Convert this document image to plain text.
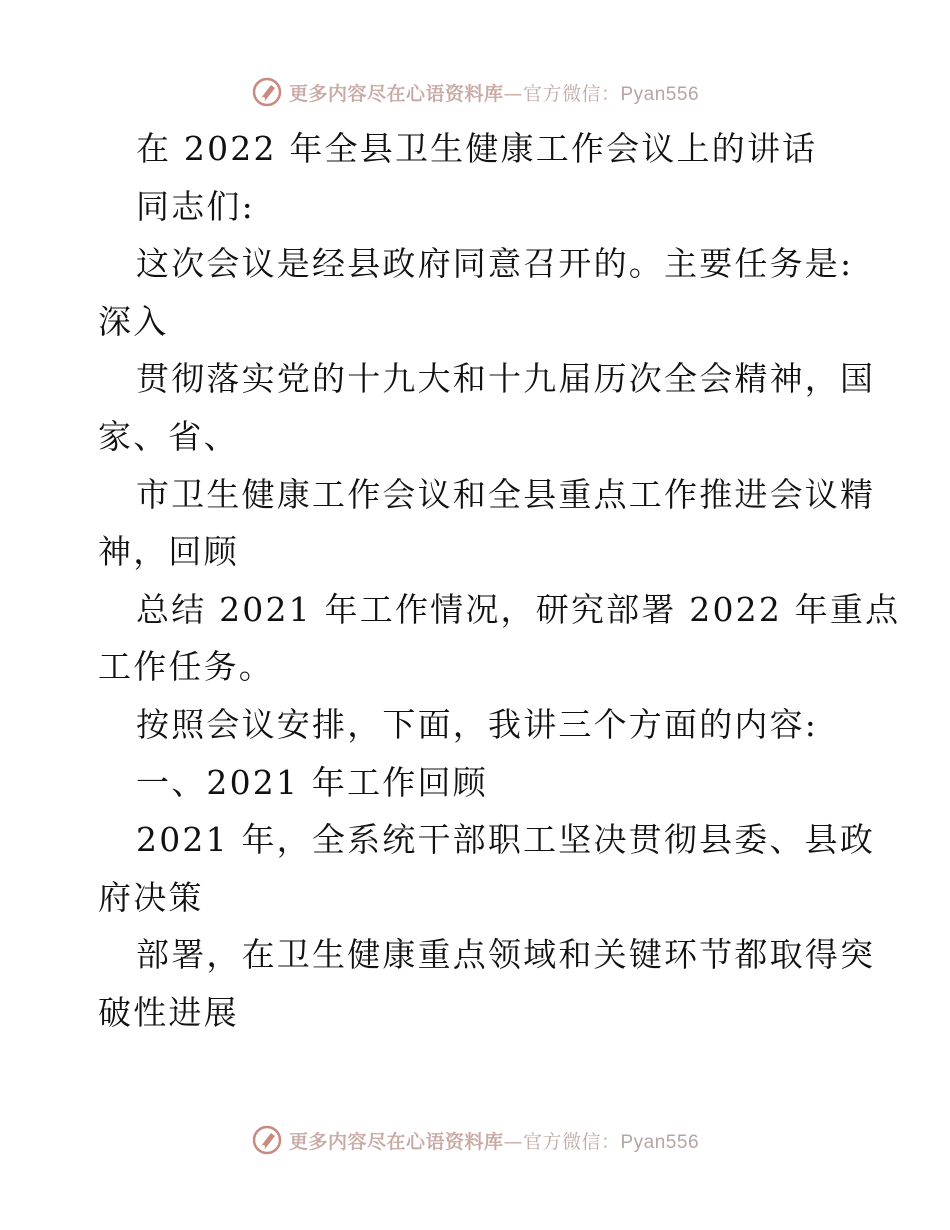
更多内容尽在心语资料库—官方微信：Pyan556
在 2022 年全县卫生健康工作会议上的讲话
同志们:
这次会议是经县政府同意召开的。主要任务是:
深入
贯彻落实党的十九大和十九届历次全会精神，国
家、省、
市卫生健康工作会议和全县重点工作推进会议精
神，回顾
总结 2021 年工作情况，研究部署 2022 年重点
工作任务。
按照会议安排，下面，我讲三个方面的内容:
一、2021 年工作回顾
2021 年，全系统干部职工坚决贯彻县委、县政
府决策
部署，在卫生健康重点领域和关键环节都取得突
破性进展
更多内容尽在心语资料库—官方微信：Pyan556
